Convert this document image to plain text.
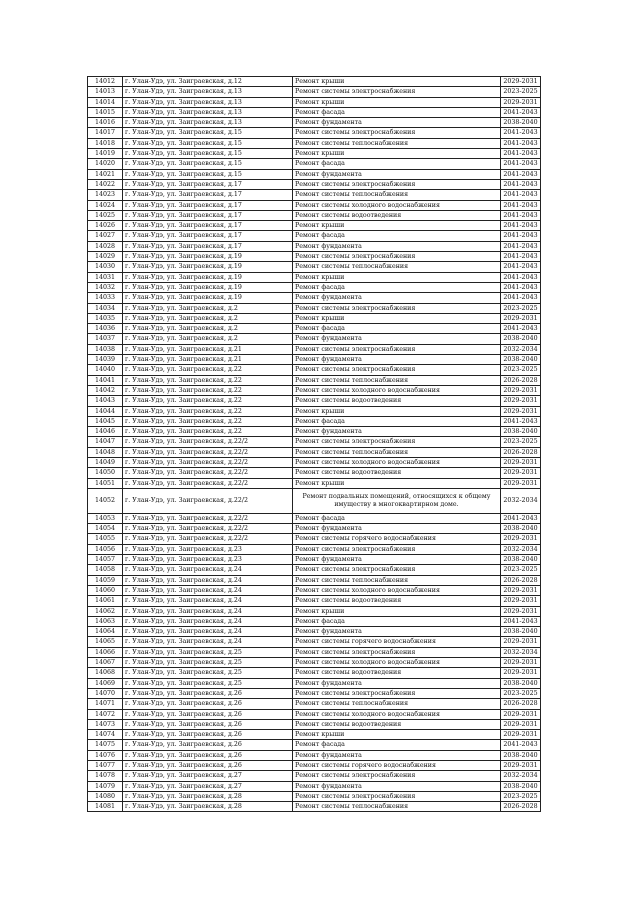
14012	г. Улан-Удэ, ул. Заиграевская, д.12	Ремонт крыши	2029-2031
14013	г. Улан-Удэ, ул. Заиграевская, д.13	Ремонт системы электроснабжения	2023-2025
14014	г. Улан-Удэ, ул. Заиграевская, д.13	Ремонт крыши	2029-2031
14015	г. Улан-Удэ, ул. Заиграевская, д.13	Ремонт фасада	2041-2043
14016	г. Улан-Удэ, ул. Заиграевская, д.13	Ремонт фундамента	2038-2040
14017	г. Улан-Удэ, ул. Заиграевская, д.15	Ремонт системы электроснабжения	2041-2043
14018	г. Улан-Удэ, ул. Заиграевская, д.15	Ремонт системы теплоснабжения	2041-2043
14019	г. Улан-Удэ, ул. Заиграевская, д.15	Ремонт крыши	2041-2043
14020	г. Улан-Удэ, ул. Заиграевская, д.15	Ремонт фасада	2041-2043
14021	г. Улан-Удэ, ул. Заиграевская, д.15	Ремонт фундамента	2041-2043
14022	г. Улан-Удэ, ул. Заиграевская, д.17	Ремонт системы электроснабжения	2041-2043
14023	г. Улан-Удэ, ул. Заиграевская, д.17	Ремонт системы теплоснабжения	2041-2043
14024	г. Улан-Удэ, ул. Заиграевская, д.17	Ремонт системы холодного водоснабжения	2041-2043
14025	г. Улан-Удэ, ул. Заиграевская, д.17	Ремонт системы водоотведения	2041-2043
14026	г. Улан-Удэ, ул. Заиграевская, д.17	Ремонт крыши	2041-2043
14027	г. Улан-Удэ, ул. Заиграевская, д.17	Ремонт фасада	2041-2043
14028	г. Улан-Удэ, ул. Заиграевская, д.17	Ремонт фундамента	2041-2043
14029	г. Улан-Удэ, ул. Заиграевская, д.19	Ремонт системы электроснабжения	2041-2043
14030	г. Улан-Удэ, ул. Заиграевская, д.19	Ремонт системы теплоснабжения	2041-2043
14031	г. Улан-Удэ, ул. Заиграевская, д.19	Ремонт крыши	2041-2043
14032	г. Улан-Удэ, ул. Заиграевская, д.19	Ремонт фасада	2041-2043
14033	г. Улан-Удэ, ул. Заиграевская, д.19	Ремонт фундамента	2041-2043
14034	г. Улан-Удэ, ул. Заиграевская, д.2	Ремонт системы электроснабжения	2023-2025
14035	г. Улан-Удэ, ул. Заиграевская, д.2	Ремонт крыши	2029-2031
14036	г. Улан-Удэ, ул. Заиграевская, д.2	Ремонт фасада	2041-2043
14037	г. Улан-Удэ, ул. Заиграевская, д.2	Ремонт фундамента	2038-2040
14038	г. Улан-Удэ, ул. Заиграевская, д.21	Ремонт системы электроснабжения	2032-2034
14039	г. Улан-Удэ, ул. Заиграевская, д.21	Ремонт фундамента	2038-2040
14040	г. Улан-Удэ, ул. Заиграевская, д.22	Ремонт системы электроснабжения	2023-2025
14041	г. Улан-Удэ, ул. Заиграевская, д.22	Ремонт системы теплоснабжения	2026-2028
14042	г. Улан-Удэ, ул. Заиграевская, д.22	Ремонт системы холодного водоснабжения	2029-2031
14043	г. Улан-Удэ, ул. Заиграевская, д.22	Ремонт системы водоотведения	2029-2031
14044	г. Улан-Удэ, ул. Заиграевская, д.22	Ремонт крыши	2029-2031
14045	г. Улан-Удэ, ул. Заиграевская, д.22	Ремонт фасада	2041-2043
14046	г. Улан-Удэ, ул. Заиграевская, д.22	Ремонт фундамента	2038-2040
14047	г. Улан-Удэ, ул. Заиграевская, д.22/2	Ремонт системы электроснабжения	2023-2025
14048	г. Улан-Удэ, ул. Заиграевская, д.22/2	Ремонт системы теплоснабжения	2026-2028
14049	г. Улан-Удэ, ул. Заиграевская, д.22/2	Ремонт системы холодного водоснабжения	2029-2031
14050	г. Улан-Удэ, ул. Заиграевская, д.22/2	Ремонт системы водоотведения	2029-2031
14051	г. Улан-Удэ, ул. Заиграевская, д.22/2	Ремонт крыши	2029-2031
14052	г. Улан-Удэ, ул. Заиграевская, д.22/2	Ремонт подвальных помещений, относящихся к общему имуществу в многоквартирном доме.	2032-2034
14053	г. Улан-Удэ, ул. Заиграевская, д.22/2	Ремонт фасада	2041-2043
14054	г. Улан-Удэ, ул. Заиграевская, д.22/2	Ремонт фундамента	2038-2040
14055	г. Улан-Удэ, ул. Заиграевская, д.22/2	Ремонт системы горячего водоснабжения	2029-2031
14056	г. Улан-Удэ, ул. Заиграевская, д.23	Ремонт системы электроснабжения	2032-2034
14057	г. Улан-Удэ, ул. Заиграевская, д.23	Ремонт фундамента	2038-2040
14058	г. Улан-Удэ, ул. Заиграевская, д.24	Ремонт системы электроснабжения	2023-2025
14059	г. Улан-Удэ, ул. Заиграевская, д.24	Ремонт системы теплоснабжения	2026-2028
14060	г. Улан-Удэ, ул. Заиграевская, д.24	Ремонт системы холодного водоснабжения	2029-2031
14061	г. Улан-Удэ, ул. Заиграевская, д.24	Ремонт системы водоотведения	2029-2031
14062	г. Улан-Удэ, ул. Заиграевская, д.24	Ремонт крыши	2029-2031
14063	г. Улан-Удэ, ул. Заиграевская, д.24	Ремонт фасада	2041-2043
14064	г. Улан-Удэ, ул. Заиграевская, д.24	Ремонт фундамента	2038-2040
14065	г. Улан-Удэ, ул. Заиграевская, д.24	Ремонт системы горячего водоснабжения	2029-2031
14066	г. Улан-Удэ, ул. Заиграевская, д.25	Ремонт системы электроснабжения	2032-2034
14067	г. Улан-Удэ, ул. Заиграевская, д.25	Ремонт системы холодного водоснабжения	2029-2031
14068	г. Улан-Удэ, ул. Заиграевская, д.25	Ремонт системы водоотведения	2029-2031
14069	г. Улан-Удэ, ул. Заиграевская, д.25	Ремонт фундамента	2038-2040
14070	г. Улан-Удэ, ул. Заиграевская, д.26	Ремонт системы электроснабжения	2023-2025
14071	г. Улан-Удэ, ул. Заиграевская, д.26	Ремонт системы теплоснабжения	2026-2028
14072	г. Улан-Удэ, ул. Заиграевская, д.26	Ремонт системы холодного водоснабжения	2029-2031
14073	г. Улан-Удэ, ул. Заиграевская, д.26	Ремонт системы водоотведения	2029-2031
14074	г. Улан-Удэ, ул. Заиграевская, д.26	Ремонт крыши	2029-2031
14075	г. Улан-Удэ, ул. Заиграевская, д.26	Ремонт фасада	2041-2043
14076	г. Улан-Удэ, ул. Заиграевская, д.26	Ремонт фундамента	2038-2040
14077	г. Улан-Удэ, ул. Заиграевская, д.26	Ремонт системы горячего водоснабжения	2029-2031
14078	г. Улан-Удэ, ул. Заиграевская, д.27	Ремонт системы электроснабжения	2032-2034
14079	г. Улан-Удэ, ул. Заиграевская, д.27	Ремонт фундамента	2038-2040
14080	г. Улан-Удэ, ул. Заиграевская, д.28	Ремонт системы электроснабжения	2023-2025
14081	г. Улан-Удэ, ул. Заиграевская, д.28	Ремонт системы теплоснабжения	2026-2028
